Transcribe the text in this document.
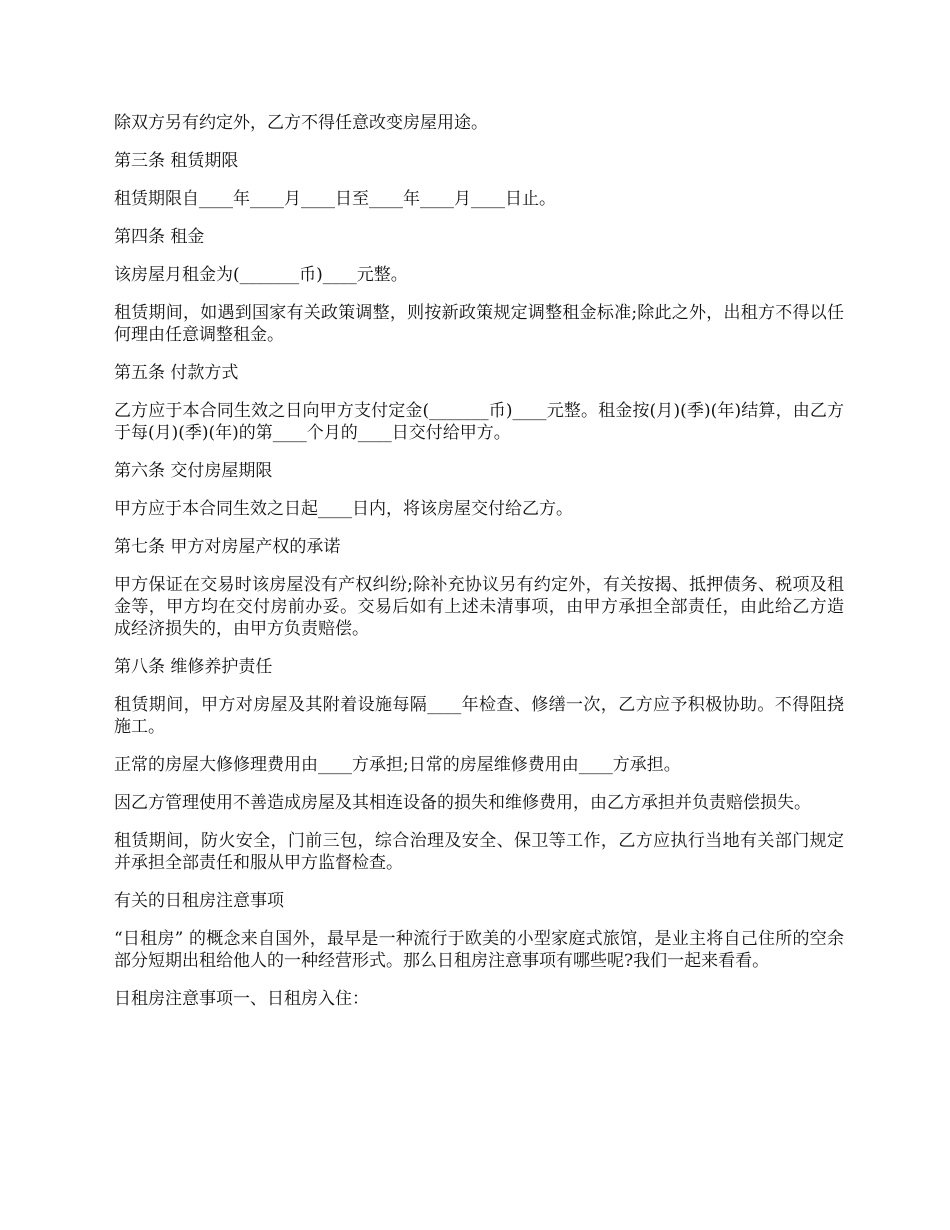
除双方另有约定外，乙方不得任意改变房屋用途。

第三条 租赁期限

租赁期限自____年____月____日至____年____月____日止。

第四条 租金

该房屋月租金为(_______币)____元整。

租赁期间，如遇到国家有关政策调整，则按新政策规定调整租金标准;除此之外，出租方不得以任何理由任意调整租金。

第五条 付款方式

乙方应于本合同生效之日向甲方支付定金(_______币)____元整。租金按(月)(季)(年)结算，由乙方于每(月)(季)(年)的第____个月的____日交付给甲方。

第六条 交付房屋期限

甲方应于本合同生效之日起____日内，将该房屋交付给乙方。

第七条 甲方对房屋产权的承诺

甲方保证在交易时该房屋没有产权纠纷;除补充协议另有约定外，有关按揭、抵押债务、税项及租金等，甲方均在交付房前办妥。交易后如有上述未清事项，由甲方承担全部责任，由此给乙方造成经济损失的，由甲方负责赔偿。

第八条 维修养护责任

租赁期间，甲方对房屋及其附着设施每隔____年检查、修缮一次，乙方应予积极协助。不得阻挠施工。

正常的房屋大修修理费用由____方承担;日常的房屋维修费用由____方承担。

因乙方管理使用不善造成房屋及其相连设备的损失和维修费用，由乙方承担并负责赔偿损失。

租赁期间，防火安全，门前三包，综合治理及安全、保卫等工作，乙方应执行当地有关部门规定并承担全部责任和服从甲方监督检查。

有关的日租房注意事项

“日租房” 的概念来自国外，最早是一种流行于欧美的小型家庭式旅馆，是业主将自己住所的空余部分短期出租给他人的一种经营形式。那么日租房注意事项有哪些呢?我们一起来看看。

日租房注意事项一、日租房入住：
